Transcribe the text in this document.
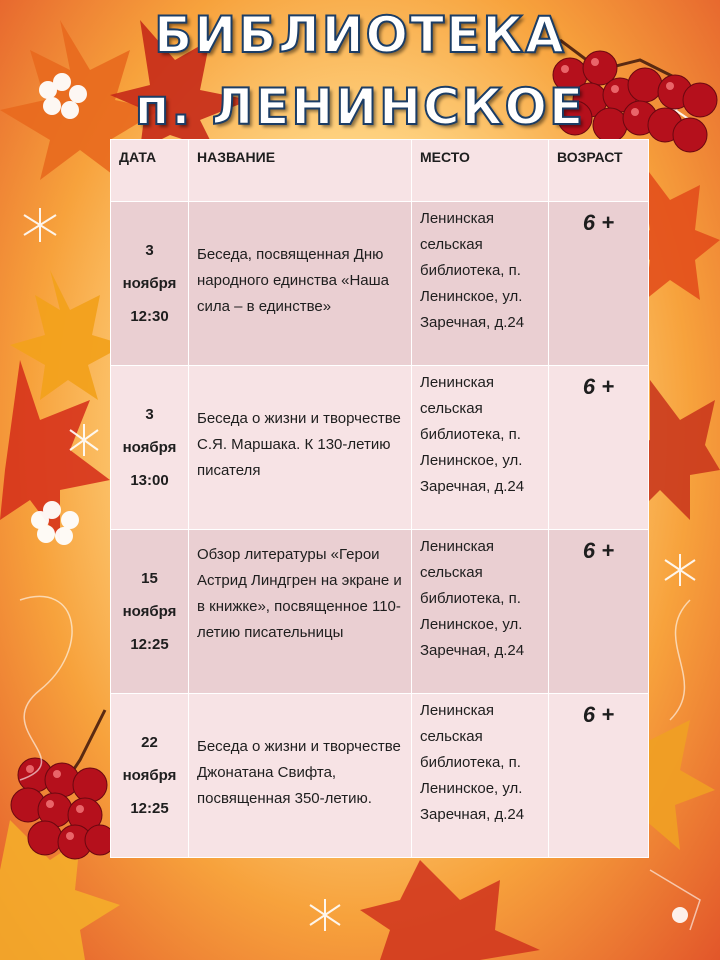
БИБЛИОТЕКА
п. ЛЕНИНСКОЕ
ДАТА	НАЗВАНИЕ	МЕСТО	ВОЗРАСТ

3
ноября
12:30	Беседа, посвященная Дню народного единства «Наша сила – в единстве»	Ленинская сельская библиотека, п. Ленинское, ул. Заречная, д.24	6 +

3
ноября
13:00	Беседа о жизни и творчестве С.Я. Маршака. К 130-летию писателя	Ленинская сельская библиотека, п. Ленинское, ул. Заречная, д.24	6 +

15
ноября
12:25	Обзор литературы «Герои Астрид Линдгрен на экране и в книжке», посвященное 110-летию писательницы	Ленинская сельская библиотека, п. Ленинское, ул. Заречная, д.24	6 +

22
ноября
12:25	Беседа о жизни и творчестве Джонатана Свифта, посвященная 350-летию.	Ленинская сельская библиотека, п. Ленинское, ул. Заречная, д.24	6 +
